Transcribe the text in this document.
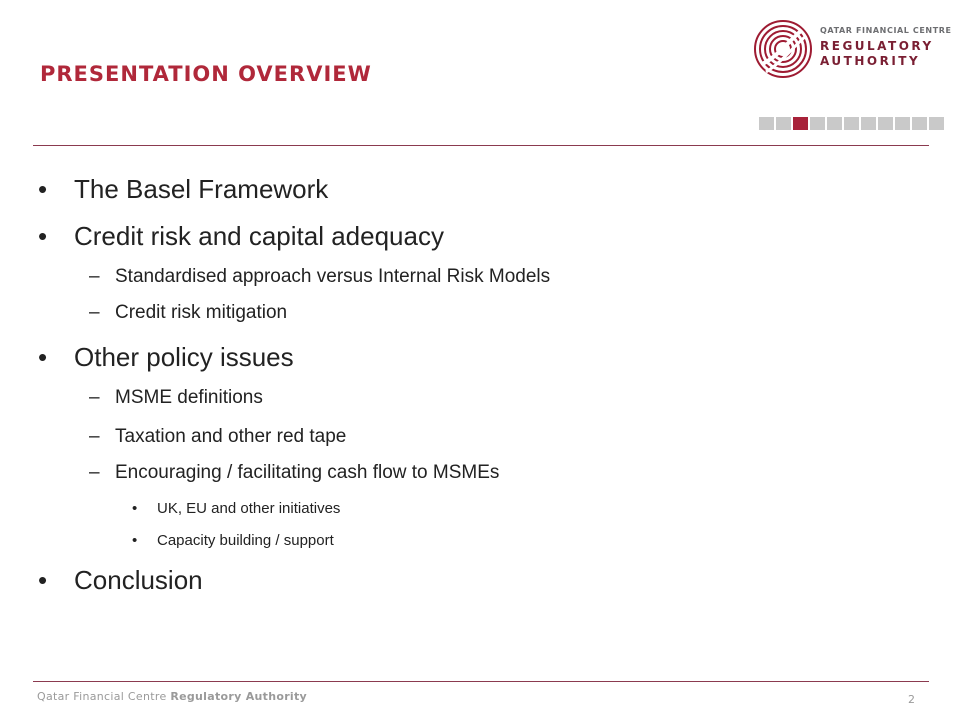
PRESENTATION OVERVIEW
QATAR FINANCIAL CENTRE
REGULATORY
AUTHORITY
• The Basel Framework
• Credit risk and capital adequacy
– Standardised approach versus Internal Risk Models
– Credit risk mitigation
• Other policy issues
– MSME definitions
– Taxation and other red tape
– Encouraging / facilitating cash flow to MSMEs
• UK, EU and other initiatives
• Capacity building / support
• Conclusion
Qatar Financial Centre Regulatory Authority	2
